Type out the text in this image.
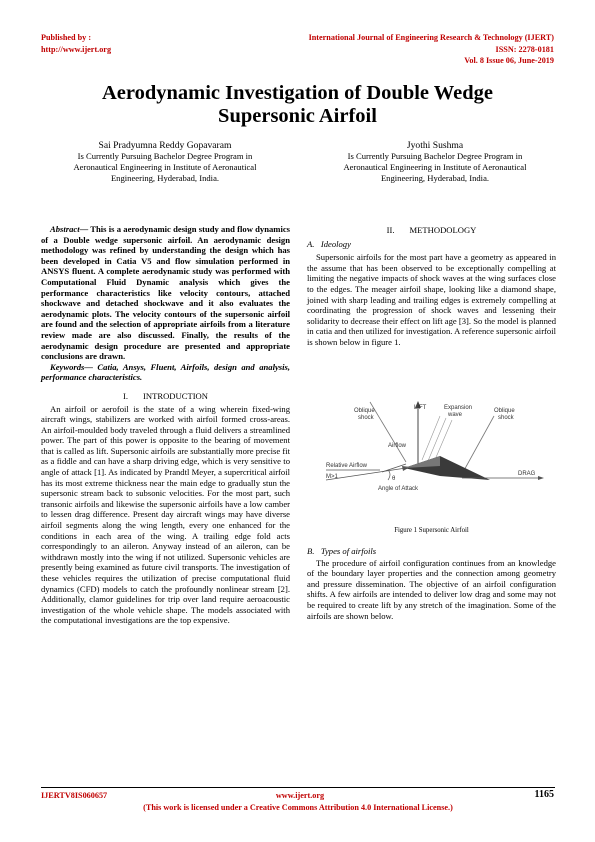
Published by :
http://www.ijert.org
International Journal of Engineering Research & Technology (IJERT)
ISSN: 2278-0181
Vol. 8 Issue 06, June-2019
Aerodynamic Investigation of Double Wedge
Supersonic Airfoil
Sai Pradyumna Reddy Gopavaram
Is Currently Pursuing Bachelor Degree Program in
Aeronautical Engineering in Institute of Aeronautical
Engineering, Hyderabad, India.
Jyothi Sushma
Is Currently Pursuing Bachelor Degree Program in
Aeronautical Engineering in Institute of Aeronautical
Engineering, Hyderabad, India.

Abstract— This is a aerodynamic design study and flow dynamics of a Double wedge supersonic airfoil. An aerodynamic design methodology was refined by understanding the design which has been developed in Catia V5 and flow simulation performed in ANSYS fluent. A complete aerodynamic study was performed with Computational Fluid Dynamic analysis which gives the performance characteristics like velocity contours, attached shockwave and detached shockwave and it also evaluates the aerodynamic plots. The velocity contours of the supersonic airfoil are found and the selection of appropriate airfoils from a literature review made are also discussed. Finally, the results of the aerodynamic design procedure are presented and appropriate conclusions are drawn.

Keywords— Catia, Ansys, Fluent, Airfoils, design and analysis, performance characteristics.

I.       INTRODUCTION

An airfoil or aerofoil is the state of a wing wherein fixed-wing aircraft wings, stabilizers are worked with airfoil formed cross-areas. An airfoil-moulded body traveled through a fluid delivers a streamlined power. The part of this power is opposite to the bearing of movement that is called as lift. Supersonic airfoils are substantially more precise fit as a fiddle and can have a sharp driving edge, which is very sensitive to angle of attack [1]. As indicated by Prandtl Meyer, a supercritical airfoil has its most extreme thickness near the main edge to gradually stun the supersonic stream back to subsonic velocities. For the most part, such transonic airfoils and likewise the supersonic airfoils have a low camber to lessen drag difference. Present day aircraft wings may have diverse airfoil segments along the wing length, every one enhanced for the conditions in each area of the wing. A trailing edge fold acts correspondingly to an aileron. Anyway instead of an aileron, can be withdrawn mostly into the wing if not utilized. Supersonic vehicles are presently being examined as future civil transports. The investigation of these vehicles requires the utilization of precise computational fluid dynamics (CFD) models to catch the profoundly nonlinear stream [2]. Additionally, clamor guidelines for trip over land require aeroacoustic investigation of the whole vehicle shape. The models associated with the computational investigations are the top expensive.

II.       METHODOLOGY
A.   Ideology

Supersonic airfoils for the most part have a geometry as appeared in the assume that has been observed to be exceptionally compelling at limiting the negative impacts of shock waves at the wing surfaces close to the edges. The meager airfoil shape, looking like a diamond shape, joined with sharp leading and trailing edges is extremely compelling at coordinating the progression of shock waves and lessening their solidarity to decrease their effect on lift age [3]. So the model is planned in catia and then utilized for investigation. A reference supersonic airfoil is shown below in figure 1.

Oblique
shock
LIFT	Expansion
wave
Oblique
shock
Airflow
Relative Airflow
M>1	θ
Angle of Attack
DRAG
Figure 1 Supersonic Airfoil
B.   Types of airfoils

The procedure of airfoil configuration continues from an knowledge of the boundary layer properties and the connection among geometry and pressure dissemination. The objective of an airfoil configuration shifts. A few airfoils are intended to deliver low drag and some may not be required to create lift by any stretch of the imagination. Some of the airfoils are shown below.

IJERTV8IS060657	www.ijert.org	1165
(This work is licensed under a Creative Commons Attribution 4.0 International License.)
